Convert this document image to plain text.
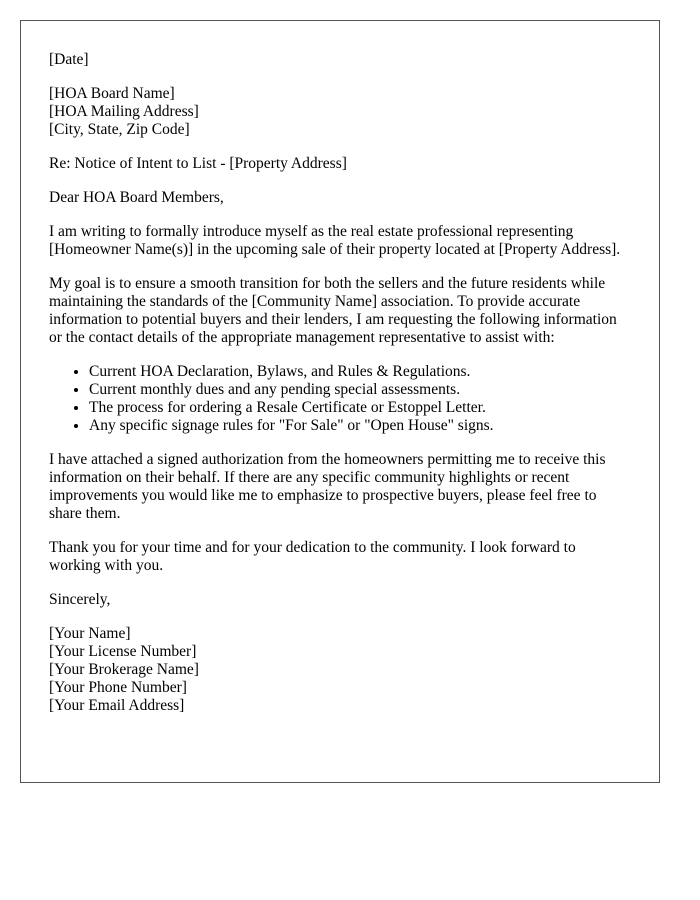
[Date]

[HOA Board Name]

[HOA Mailing Address]

[City, State, Zip Code]

Re: Notice of Intent to List - [Property Address]

Dear HOA Board Members,

I am writing to formally introduce myself as the real estate professional representing [Homeowner Name(s)] in the upcoming sale of their property located at [Property Address].

My goal is to ensure a smooth transition for both the sellers and the future residents while maintaining the standards of the [Community Name] association. To provide accurate information to potential buyers and their lenders, I am requesting the following information or the contact details of the appropriate management representative to assist with:

• Current HOA Declaration, Bylaws, and Rules & Regulations.
• Current monthly dues and any pending special assessments.
• The process for ordering a Resale Certificate or Estoppel Letter.
• Any specific signage rules for "For Sale" or "Open House" signs.

I have attached a signed authorization from the homeowners permitting me to receive this information on their behalf. If there are any specific community highlights or recent improvements you would like me to emphasize to prospective buyers, please feel free to share them.

Thank you for your time and for your dedication to the community. I look forward to working with you.

Sincerely,

[Your Name]

[Your License Number]

[Your Brokerage Name]

[Your Phone Number]

[Your Email Address]
